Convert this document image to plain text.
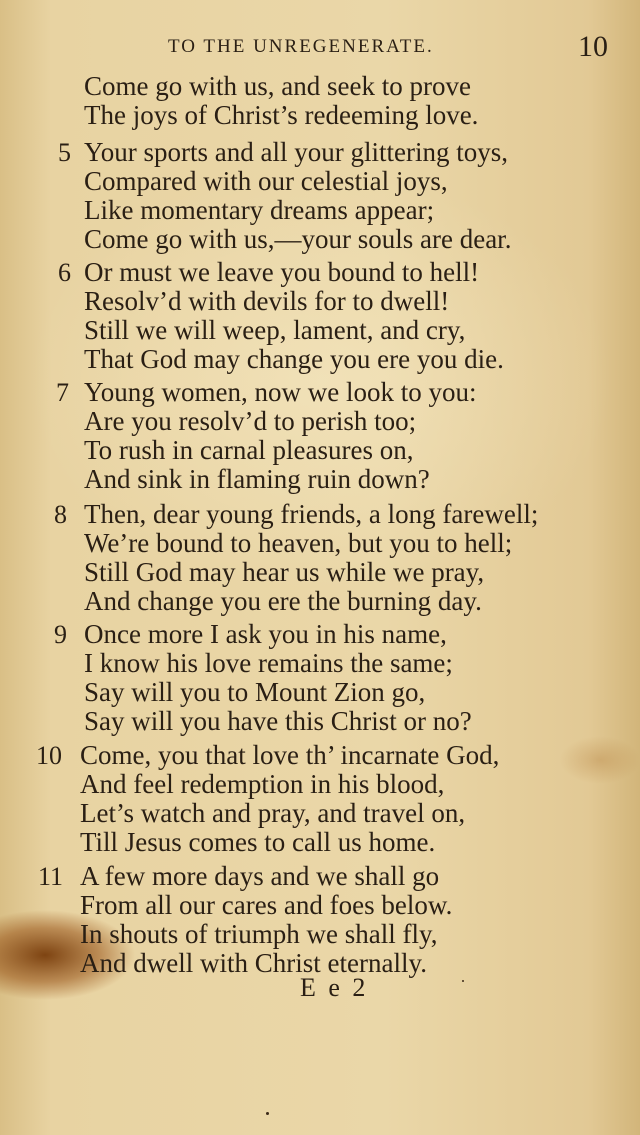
TO THE UNREGENERATE.	10
Come go with us, and seek to prove
The joys of Christ’s redeeming love.
5 Your sports and all your glittering toys,
Compared with our celestial joys,
Like momentary dreams appear;
Come go with us,—your souls are dear.
6 Or must we leave you bound to hell!
Resolv’d with devils for to dwell!
Still we will weep, lament, and cry,
That God may change you ere you die.
7 Young women, now we look to you:
Are you resolv’d to perish too;
To rush in carnal pleasures on,
And sink in flaming ruin down?
8 Then, dear young friends, a long farewell;
We’re bound to heaven, but you to hell;
Still God may hear us while we pray,
And change you ere the burning day.
9 Once more I ask you in his name,
I know his love remains the same;
Say will you to Mount Zion go,
Say will you have this Christ or no?
10 Come, you that love th’ incarnate God,
And feel redemption in his blood,
Let’s watch and pray, and travel on,
Till Jesus comes to call us home.
11 A few more days and we shall go
From all our cares and foes below.
In shouts of triumph we shall fly,
And dwell with Christ eternally.
E e 2
